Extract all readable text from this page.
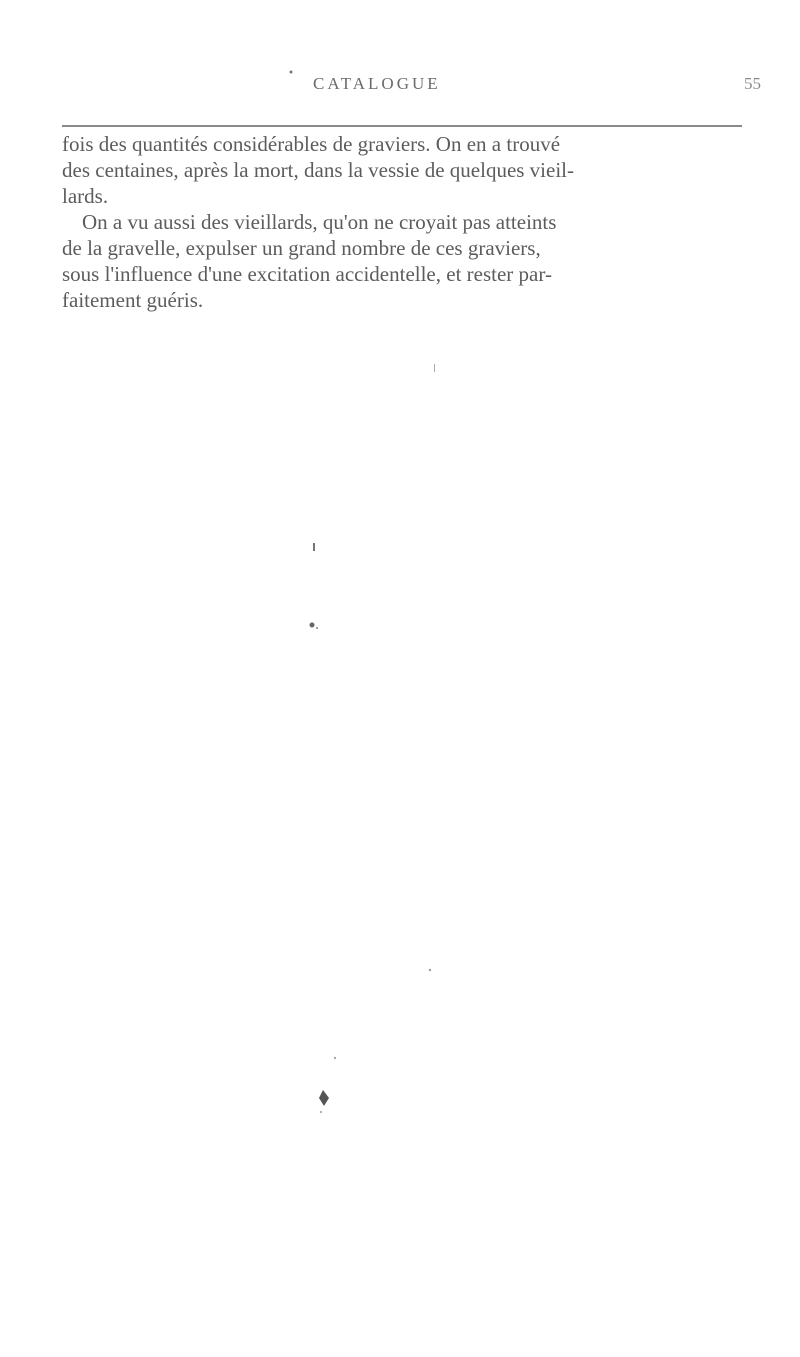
CATALOGUE	55
fois des quantités considérables de graviers. On en a trouvé
des centaines, après la mort, dans la vessie de quelques vieil-
lards.
On a vu aussi des vieillards, qu'on ne croyait pas atteints
de la gravelle, expulser un grand nombre de ces graviers,
sous l'influence d'une excitation accidentelle, et rester par-
faitement guéris.
